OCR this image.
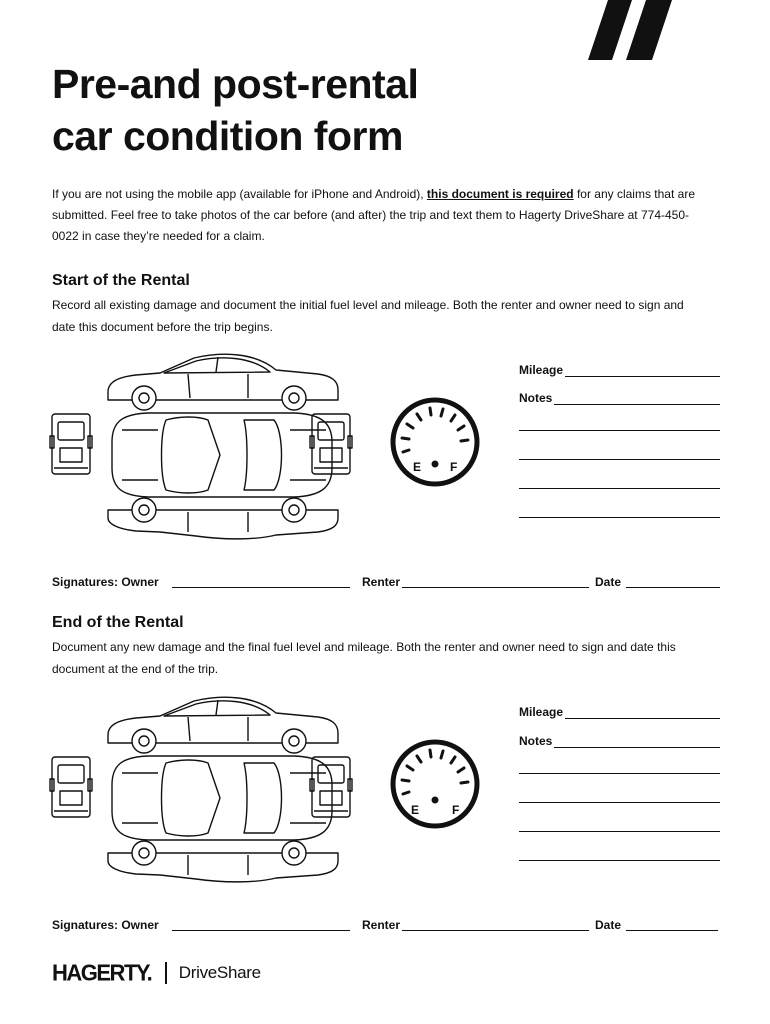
Pre-and post-rental
car condition form

If you are not using the mobile app (available for iPhone and Android), this document is required for any claims that are submitted. Feel free to take photos of the car before (and after) the trip and text them to Hagerty DriveShare at 774-450-0022 in case they’re needed for a claim.

Start of the Rental

Record all existing damage and document the initial fuel level and mileage. Both the renter and owner need to sign and date this document before the trip begins.

E F
Mileage
Notes
Signatures: Owner	Renter	Date
End of the Rental

Document any new damage and the final fuel level and mileage. Both the renter and owner need to sign and date this document at the end of the trip.

E	F
Mileage
Notes
Signatures: Owner	Renter	Date
HAGERTY. DriveShare
